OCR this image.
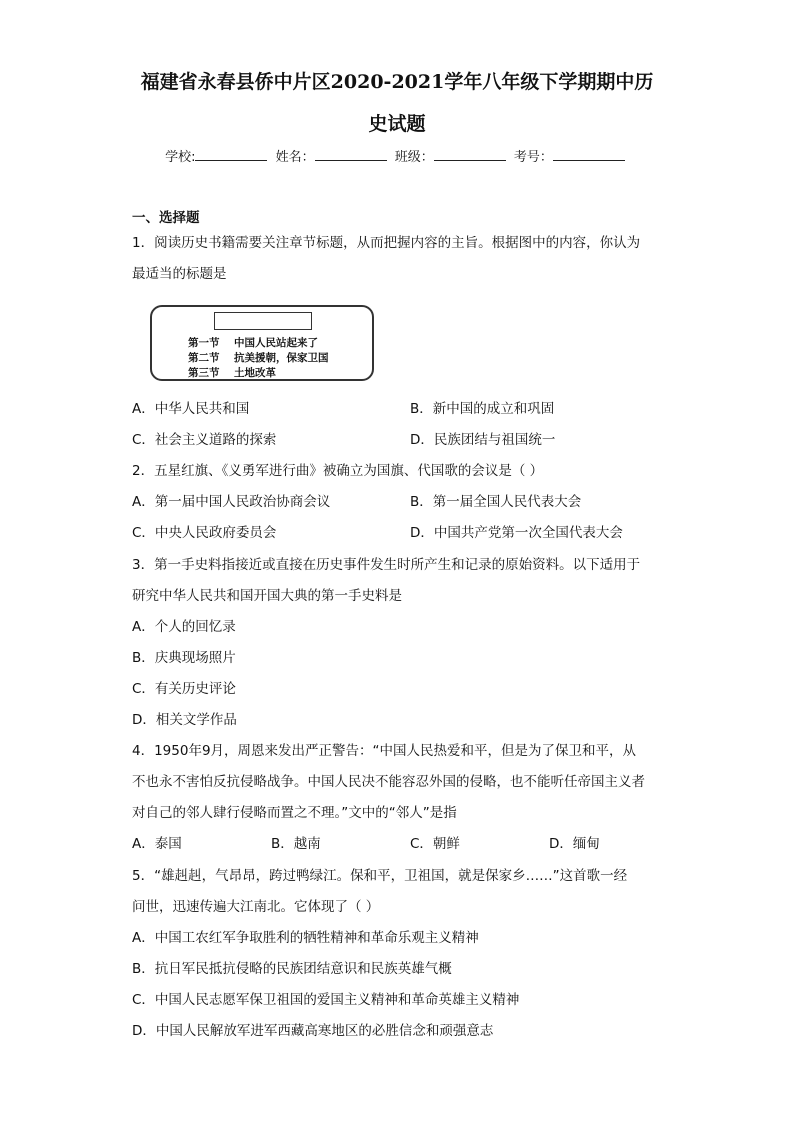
福建省永春县侨中片区2020-2021学年八年级下学期期中历
史试题
学校:	姓名：	班级：	考号：
一、选择题
1．阅读历史书籍需要关注章节标题，从而把握内容的主旨。根据图中的内容，你认为
最适当的标题是
第一节 中国人民站起来了
第二节 抗美援朝，保家卫国
第三节 土地改革
A．中华人民共和国	B．新中国的成立和巩固
C．社会主义道路的探索	D．民族团结与祖国统一
2．五星红旗、《义勇军进行曲》被确立为国旗、代国歌的会议是（ ）
A．第一届中国人民政治协商会议	B．第一届全国人民代表大会
C．中央人民政府委员会	D．中国共产党第一次全国代表大会
3．第一手史料指接近或直接在历史事件发生时所产生和记录的原始资料。以下适用于
研究中华人民共和国开国大典的第一手史料是
A．个人的回忆录
B．庆典现场照片
C．有关历史评论
D．相关文学作品
4．1950年9月，周恩来发出严正警告：“中国人民热爱和平，但是为了保卫和平，从
不也永不害怕反抗侵略战争。中国人民决不能容忍外国的侵略，也不能听任帝国主义者
对自己的邻人肆行侵略而置之不理。”文中的“邻人”是指
A．泰国	B．越南	C．朝鲜	D．缅甸
5．“雄赳赳，气昂昂，跨过鸭绿江。保和平，卫祖国，就是保家乡……”这首歌一经
问世，迅速传遍大江南北。它体现了（ ）
A．中国工农红军争取胜利的牺牲精神和革命乐观主义精神
B．抗日军民抵抗侵略的民族团结意识和民族英雄气概
C．中国人民志愿军保卫祖国的爱国主义精神和革命英雄主义精神
D．中国人民解放军进军西藏高寒地区的必胜信念和顽强意志
